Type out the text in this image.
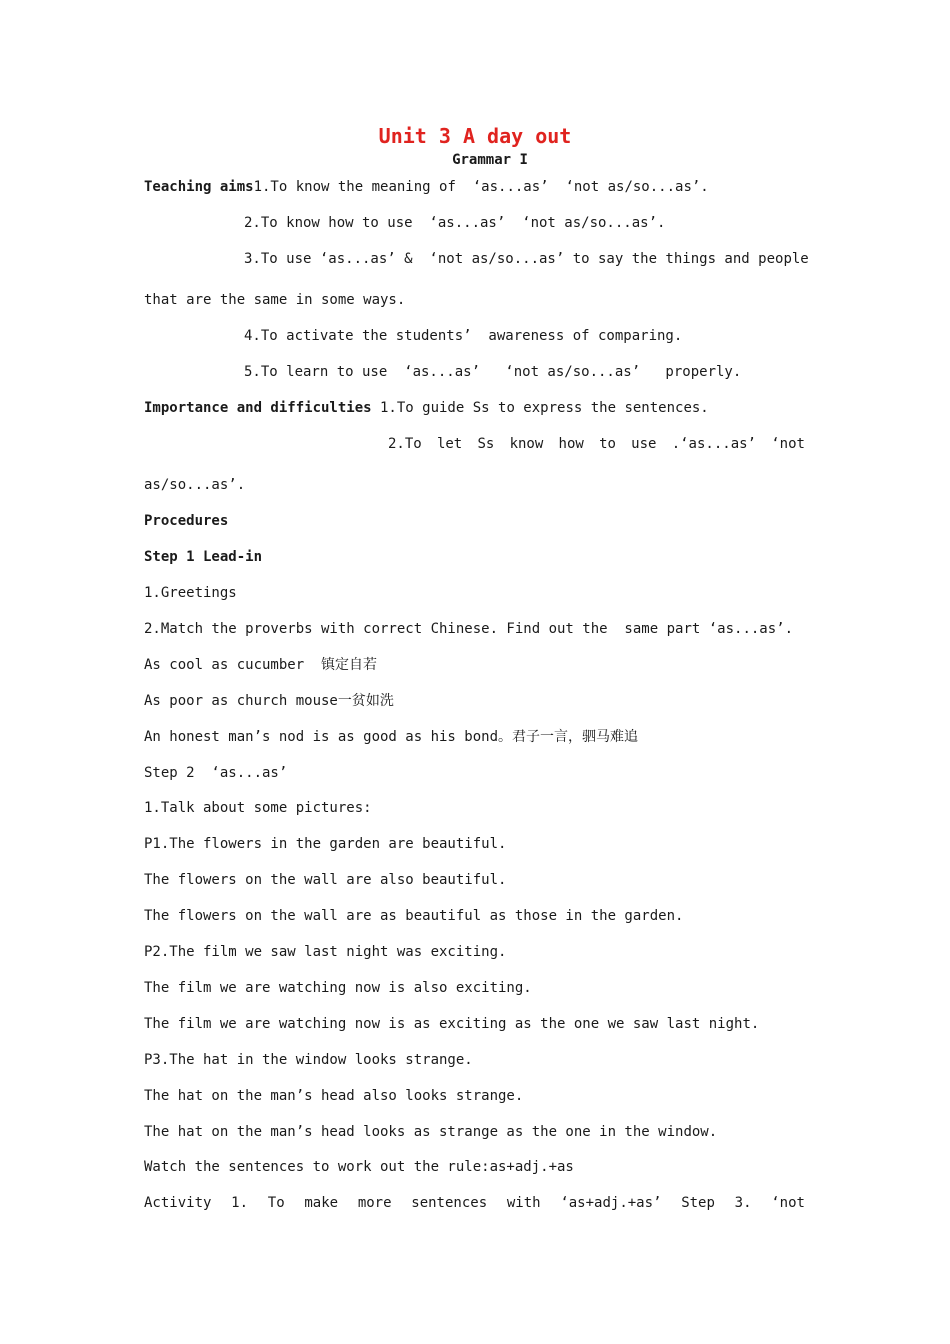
Unit 3 A day out
Grammar I
Teaching aims1.To know the meaning of  ‘as...as’  ‘not as/so...as’.
2.To know how to use  ‘as...as’  ‘not as/so...as’.
3.To use ‘as...as’ &  ‘not as/so...as’ to say the things and people
that are the same in some ways.
4.To activate the students’  awareness of comparing.
5.To learn to use  ‘as...as’   ‘not as/so...as’   properly.
Importance and difficulties 1.To guide Ss to express the sentences.
2.To let Ss know how to use .‘as...as’ ‘not
as/so...as’.
Procedures
Step 1 Lead-in
1.Greetings
2.Match the proverbs with correct Chinese. Find out the  same part ‘as...as’.
As cool as cucumber  镇定自若
As poor as church mouse一贫如洗
An honest man’s nod is as good as his bond。君子一言，驷马难追
Step 2  ‘as...as’
1.Talk about some pictures:
P1.The flowers in the garden are beautiful.
The flowers on the wall are also beautiful.
The flowers on the wall are as beautiful as those in the garden.
P2.The film we saw last night was exciting.
The film we are watching now is also exciting.
The film we are watching now is as exciting as the one we saw last night.
P3.The hat in the window looks strange.
The hat on the man’s head also looks strange.
The hat on the man’s head looks as strange as the one in the window.
Watch the sentences to work out the rule:as+adj.+as
Activity 1. To make more sentences with ‘as+adj.+as’ Step 3. ‘not
